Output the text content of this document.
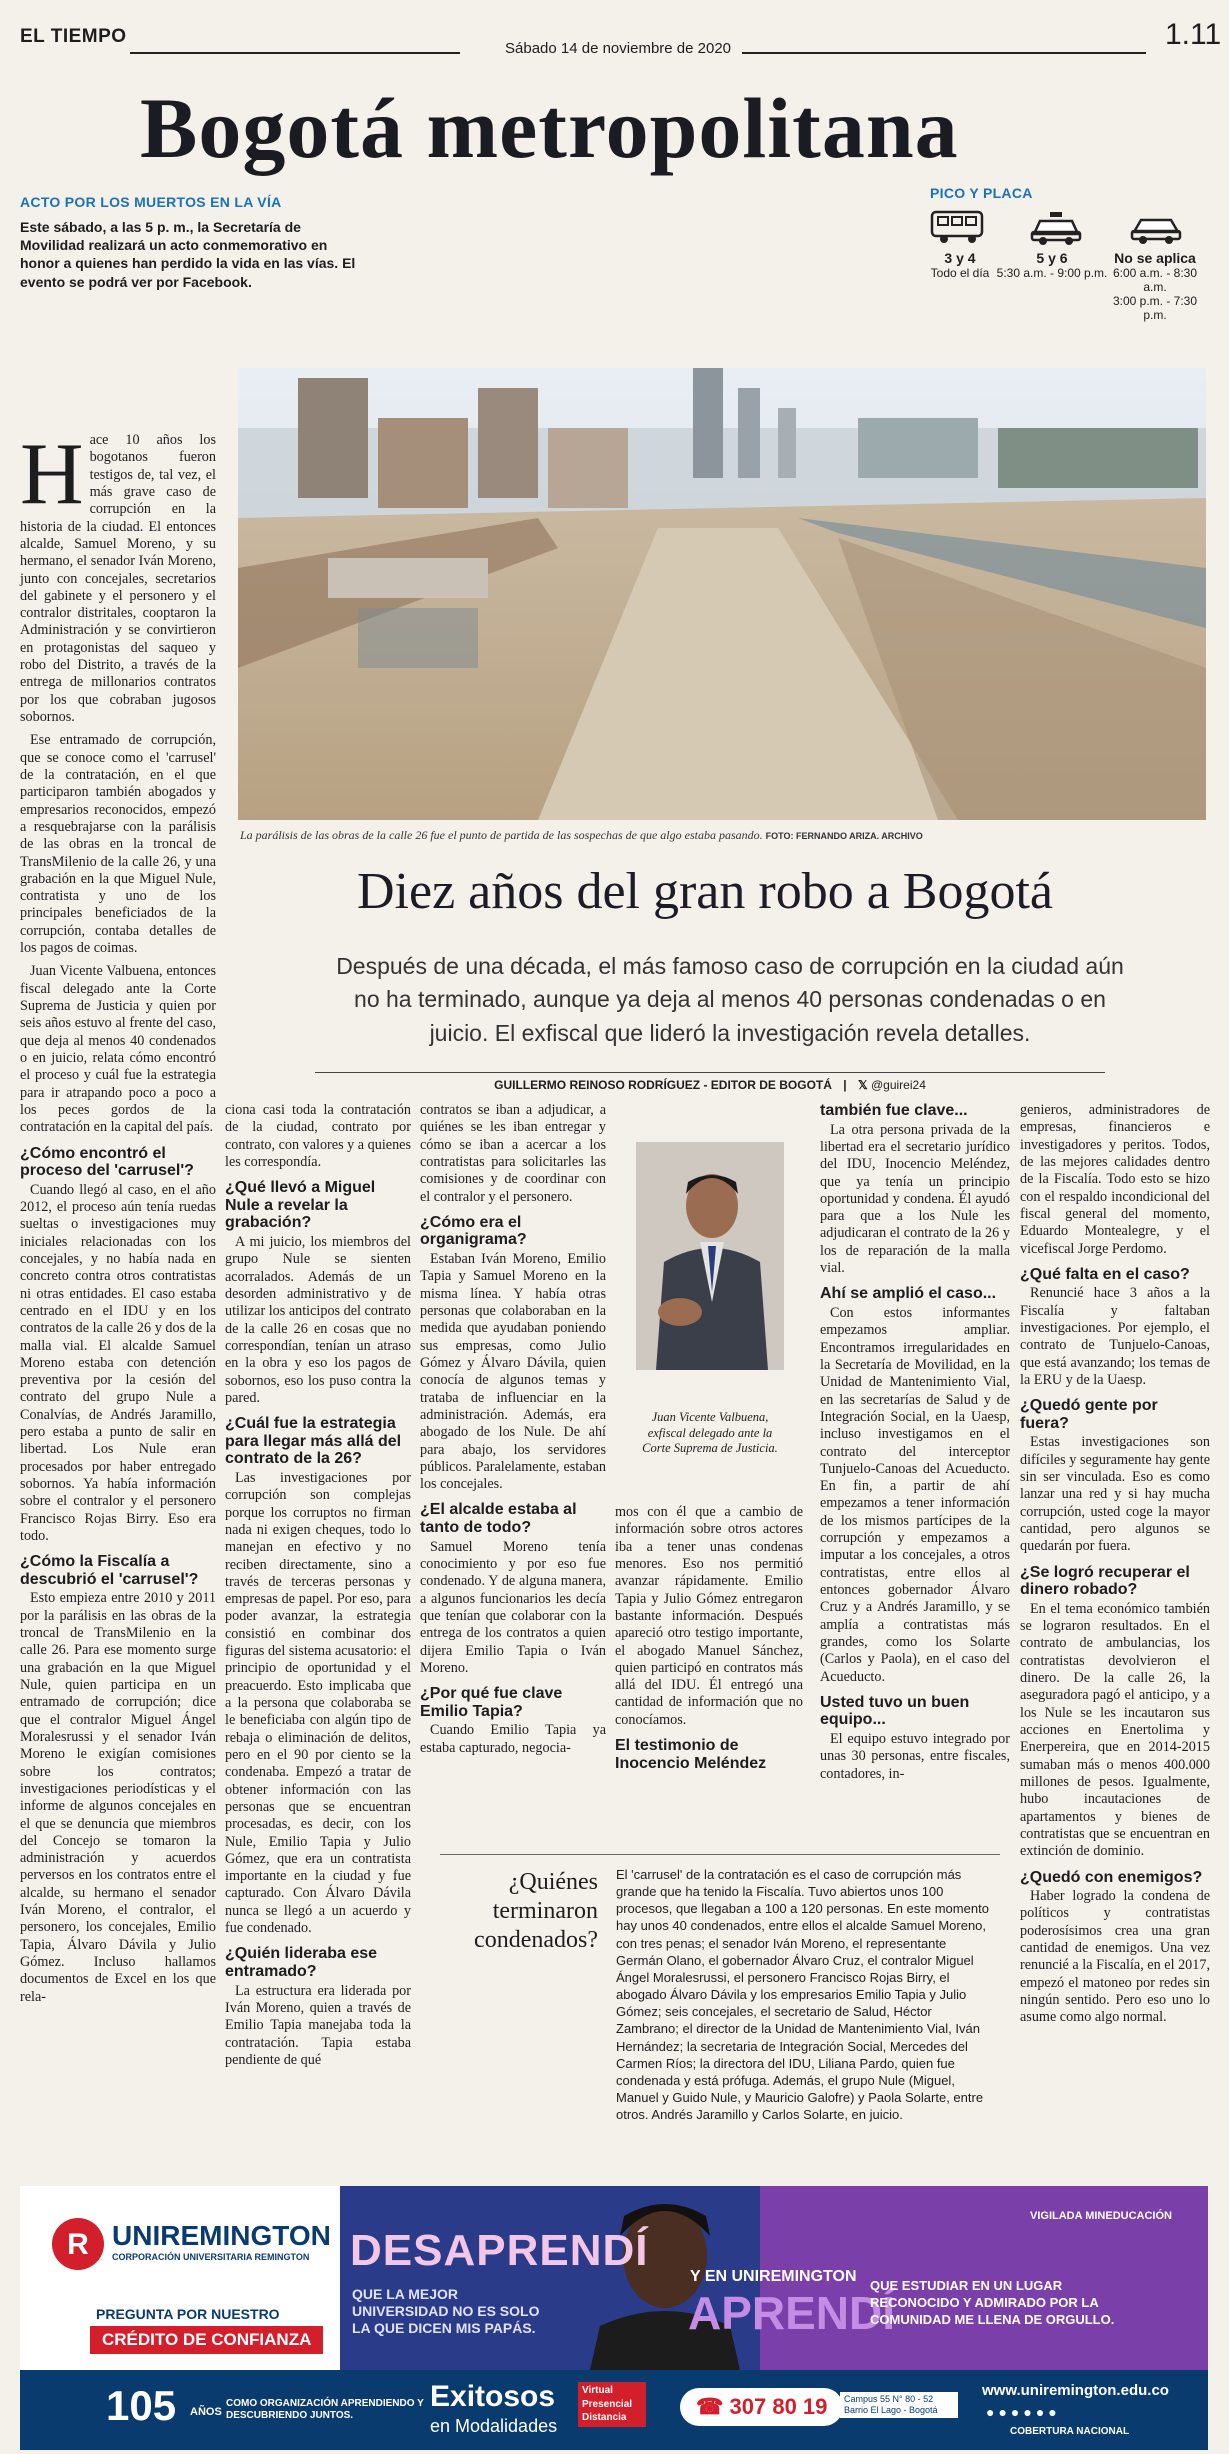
EL TIEMPO
Sábado 14 de noviembre de 2020	1.11
Bogotá metropolitana
ACTO POR LOS MUERTOS EN LA VÍA
Este sábado, a las 5 p. m., la Secretaría de Movilidad realizará un acto conmemorativo en honor a quienes han perdido la vida en las vías. El evento se podrá ver por Facebook.
PICO Y PLACA
3 y 4
Todo el día
5 y 6
5:30 a.m. - 9:00 p.m.
No se aplica
6:00 a.m. - 8:30 a.m.
3:00 p.m. - 7:30 p.m.
La parálisis de las obras de la calle 26 fue el punto de partida de las sospechas de que algo estaba pasando. FOTO: FERNANDO ARIZA. ARCHIVO
Diez años del gran robo a Bogotá
Después de una década, el más famoso caso de corrupción en la ciudad aún no ha terminado, aunque ya deja al menos 40 personas condenadas o en juicio. El exfiscal que lideró la investigación revela detalles.
GUILLERMO REINOSO RODRÍGUEZ - EDITOR DE BOGOTÁ | 𝕏 @guirei24
H ace 10 años los bogotanos fueron testigos de, tal vez, el más grave caso de corrupción en la historia de la ciudad. El entonces alcalde, Samuel Moreno, y su hermano, el senador Iván Moreno, junto con concejales, secretarios del gabinete y el personero y el contralor distritales, cooptaron la Administración y se convirtieron en protagonistas del saqueo y robo del Distrito, a través de la entrega de millonarios contratos por los que cobraban jugosos sobornos.

Ese entramado de corrupción, que se conoce como el 'carrusel' de la contratación, en el que participaron también abogados y empresarios reconocidos, empezó a resquebrajarse con la parálisis de las obras en la troncal de TransMilenio de la calle 26, y una grabación en la que Miguel Nule, contratista y uno de los principales beneficiados de la corrupción, contaba detalles de los pagos de coimas.

Juan Vicente Valbuena, entonces fiscal delegado ante la Corte Suprema de Justicia y quien por seis años estuvo al frente del caso, que deja al menos 40 condenados o en juicio, relata cómo encontró el proceso y cuál fue la estrategia para ir atrapando poco a poco a los peces gordos de la contratación en la capital del país.

¿Cómo encontró el proceso del 'carrusel'?

Cuando llegó al caso, en el año 2012, el proceso aún tenía ruedas sueltas o investigaciones muy iniciales relacionadas con los concejales, y no había nada en concreto contra otros contratistas ni otras entidades. El caso estaba centrado en el IDU y en los contratos de la calle 26 y dos de la malla vial. El alcalde Samuel Moreno estaba con detención preventiva por la cesión del contrato del grupo Nule a Conalvías, de Andrés Jaramillo, pero estaba a punto de salir en libertad. Los Nule eran procesados por haber entregado sobornos. Ya había información sobre el contralor y el personero Francisco Rojas Birry. Eso era todo.

¿Cómo la Fiscalía a descubrió el 'carrusel'?

Esto empieza entre 2010 y 2011 por la parálisis en las obras de la troncal de TransMilenio en la calle 26. Para ese momento surge una grabación en la que Miguel Nule, quien participa en un entramado de corrupción; dice que el contralor Miguel Ángel Moralesrussi y el senador Iván Moreno le exigían comisiones sobre los contratos; investigaciones periodísticas y el informe de algunos concejales en el que se denuncia que miembros del Concejo se tomaron la administración y acuerdos perversos en los contratos entre el alcalde, su hermano el senador Iván Moreno, el contralor, el personero, los concejales, Emilio Tapia, Álvaro Dávila y Julio Gómez. Incluso hallamos documentos de Excel en los que rela-

ciona casi toda la contratación de la ciudad, contrato por contrato, con valores y a quienes les correspondía.

¿Qué llevó a Miguel Nule a revelar la grabación?

A mi juicio, los miembros del grupo Nule se sienten acorralados. Además de un desorden administrativo y de utilizar los anticipos del contrato de la calle 26 en cosas que no correspondían, tenían un atraso en la obra y eso los pagos de sobornos, eso los puso contra la pared.

¿Cuál fue la estrategia para llegar más allá del contrato de la 26?

Las investigaciones por corrupción son complejas porque los corruptos no firman nada ni exigen cheques, todo lo manejan en efectivo y no reciben directamente, sino a través de terceras personas y empresas de papel. Por eso, para poder avanzar, la estrategia consistió en combinar dos figuras del sistema acusatorio: el principio de oportunidad y el preacuerdo. Esto implicaba que a la persona que colaboraba se le beneficiaba con algún tipo de rebaja o eliminación de delitos, pero en el 90 por ciento se la condenaba. Empezó a tratar de obtener información con las personas que se encuentran procesadas, es decir, con los Nule, Emilio Tapia y Julio Gómez, que era un contratista importante en la ciudad y fue capturado. Con Álvaro Dávila nunca se llegó a un acuerdo y fue condenado.

¿Quién lideraba ese entramado?

La estructura era liderada por Iván Moreno, quien a través de Emilio Tapia manejaba toda la contratación. Tapia estaba pendiente de qué

contratos se iban a adjudicar, a quiénes se les iban entregar y cómo se iban a acercar a los contratistas para solicitarles las comisiones y de coordinar con el contralor y el personero.

¿Cómo era el organigrama?

Estaban Iván Moreno, Emilio Tapia y Samuel Moreno en la misma línea. Y había otras personas que colaboraban en la medida que ayudaban poniendo sus empresas, como Julio Gómez y Álvaro Dávila, quien conocía de algunos temas y trataba de influenciar en la administración. Además, era abogado de los Nule. De ahí para abajo, los servidores públicos. Paralelamente, estaban los concejales.

¿El alcalde estaba al tanto de todo?

Samuel Moreno tenía conocimiento y por eso fue condenado. Y de alguna manera, a algunos funcionarios les decía que tenían que colaborar con la entrega de los contratos a quien dijera Emilio Tapia o Iván Moreno.

¿Por qué fue clave Emilio Tapia?

Cuando Emilio Tapia ya estaba capturado, negocia-

Juan Vicente Valbuena, exfiscal delegado ante la Corte Suprema de Justicia.

mos con él que a cambio de información sobre otros actores iba a tener unas condenas menores. Eso nos permitió avanzar rápidamente. Emilio Tapia y Julio Gómez entregaron bastante información. Después apareció otro testigo importante, el abogado Manuel Sánchez, quien participó en contratos más allá del IDU. Él entregó una cantidad de información que no conocíamos.

El testimonio de Inocencio Meléndez
también fue clave...

La otra persona privada de la libertad era el secretario jurídico del IDU, Inocencio Meléndez, que ya tenía un principio oportunidad y condena. Él ayudó para que a los Nule les adjudicaran el contrato de la 26 y los de reparación de la malla vial.

Ahí se amplió el caso...

Con estos informantes empezamos ampliar. Encontramos irregularidades en la Secretaría de Movilidad, en la Unidad de Mantenimiento Vial, en las secretarías de Salud y de Integración Social, en la Uaesp, incluso investigamos en el contrato del interceptor Tunjuelo-Canoas del Acueducto. En fin, a partir de ahí empezamos a tener información de los mismos partícipes de la corrupción y empezamos a imputar a los concejales, a otros contratistas, entre ellos al entonces gobernador Álvaro Cruz y a Andrés Jaramillo, y se amplía a contratistas más grandes, como los Solarte (Carlos y Paola), en el caso del Acueducto.

Usted tuvo un buen equipo...

El equipo estuvo integrado por unas 30 personas, entre fiscales, contadores, in-

genieros, administradores de empresas, financieros e investigadores y peritos. Todos, de las mejores calidades dentro de la Fiscalía. Todo esto se hizo con el respaldo incondicional del fiscal general del momento, Eduardo Montealegre, y el vicefiscal Jorge Perdomo.

¿Qué falta en el caso?

Renuncié hace 3 años a la Fiscalía y faltaban investigaciones. Por ejemplo, el contrato de Tunjuelo-Canoas, que está avanzando; los temas de la ERU y de la Uaesp.

¿Quedó gente por fuera?

Estas investigaciones son difíciles y seguramente hay gente sin ser vinculada. Eso es como lanzar una red y si hay mucha corrupción, usted coge la mayor cantidad, pero algunos se quedarán por fuera.

¿Se logró recuperar el dinero robado?

En el tema económico también se lograron resultados. En el contrato de ambulancias, los contratistas devolvieron el dinero. De la calle 26, la aseguradora pagó el anticipo, y a los Nule se les incautaron sus acciones en Enertolima y Enerpereira, que en 2014-2015 sumaban más o menos 400.000 millones de pesos. Igualmente, hubo incautaciones de apartamentos y bienes de contratistas que se encuentran en extinción de dominio.

¿Quedó con enemigos?

Haber logrado la condena de políticos y contratistas poderosísimos crea una gran cantidad de enemigos. Una vez renuncié a la Fiscalía, en el 2017, empezó el matoneo por redes sin ningún sentido. Pero eso uno lo asume como algo normal.

¿Quiénes terminaron condenados?
El 'carrusel' de la contratación es el caso de corrupción más grande que ha tenido la Fiscalía. Tuvo abiertos unos 100 procesos, que llegaban a 100 a 120 personas. En este momento hay unos 40 condenados, entre ellos el alcalde Samuel Moreno, con tres penas; el senador Iván Moreno, el representante Germán Olano, el gobernador Álvaro Cruz, el contralor Miguel Ángel Moralesrussi, el personero Francisco Rojas Birry, el abogado Álvaro Dávila y los empresarios Emilio Tapia y Julio Gómez; seis concejales, el secretario de Salud, Héctor Zambrano; el director de la Unidad de Mantenimiento Vial, Iván Hernández; la secretaria de Integración Social, Mercedes del Carmen Ríos; la directora del IDU, Liliana Pardo, quien fue condenada y está prófuga. Además, el grupo Nule (Miguel, Manuel y Guido Nule, y Mauricio Galofre) y Paola Solarte, entre otros. Andrés Jaramillo y Carlos Solarte, en juicio.
R UNIREMINGTON
CORPORACIÓN UNIVERSITARIA REMINGTON
PREGUNTA POR NUESTRO
CRÉDITO DE CONFIANZA
DESAPRENDÍ
QUE LA MEJOR UNIVERSIDAD NO ES SOLO LA QUE DICEN MIS PAPÁS.
Y EN UNIREMINGTON
APRENDÍ
QUE ESTUDIAR EN UN LUGAR RECONOCIDO Y ADMIRADO POR LA COMUNIDAD ME LLENA DE ORGULLO.
VIGILADA MINEDUCACIÓN
105 AÑOS
COMO ORGANIZACIÓN APRENDIENDO Y DESCUBRIENDO JUNTOS.
Exitosos
en Modalidades
Virtual
Presencial
Distancia	☎ 307 80 19	Campus 55 N° 80 - 52 Barrio El Lago - Bogotá
www.uniremington.edu.co
●●●●●●
COBERTURA NACIONAL
